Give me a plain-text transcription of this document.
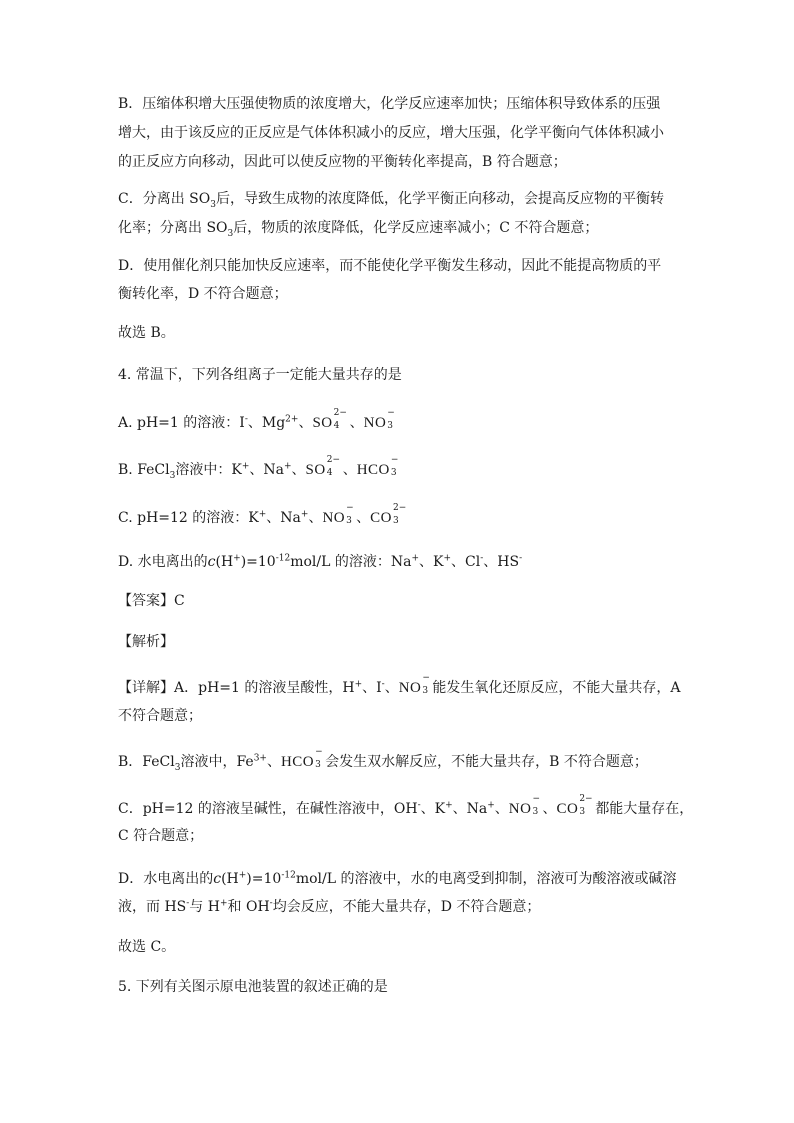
B．压缩体积增大压强使物质的浓度增大，化学反应速率加快；压缩体积导致体系的压强
增大，由于该反应的正反应是气体体积减小的反应，增大压强，化学平衡向气体体积减小
的正反应方向移动，因此可以使反应物的平衡转化率提高，B 符合题意；
C．分离出 $SO_3$后，导致生成物的浓度降低，化学平衡正向移动，会提高反应物的平衡转
化率；分离出 $SO_3$后，物质的浓度降低，化学反应速率减小；C 不符合题意；
D．使用催化剂只能加快反应速率，而不能使化学平衡发生移动，因此不能提高物质的平
衡转化率，D 不符合题意；
故选 B。
4. 常温下，下列各组离子一定能大量共存的是
A. pH=1 的溶液：I-、$Mg^{2+}$、SO
2−
4 、NO
−
3
B. FeCl$_3$溶液中：K+、Na+、SO
2−
4 、HCO
−
3
C. pH=12 的溶液：K+、Na+、NO
−
3 、CO
2−
3
D. 水电离出的$c(H^+)=10^{-12}mol/L$ 的溶液：Na+、K+、Cl-、HS-
【答案】C
【解析】
【详解】A．pH=1 的溶液呈酸性，H+、I-、NO
−
3 能发生氧化还原反应，不能大量共存，A
不符合题意；
B．FeCl$_3$溶液中，$Fe^{3+}$、HCO
−
3 会发生双水解反应，不能大量共存，B 不符合题意；
C．pH=12 的溶液呈碱性，在碱性溶液中，OH-、K+、Na+、NO
−
3 、CO
2−
3 都能大量存在，
C 符合题意；
D．水电离出的$c(H^+)=10^{-12}mol/L$ 的溶液中，水的电离受到抑制，溶液可为酸溶液或碱溶
液，而 HS-与 H+和 OH-均会反应，不能大量共存，D 不符合题意；
故选 C。
5. 下列有关图示原电池装置的叙述正确的是
